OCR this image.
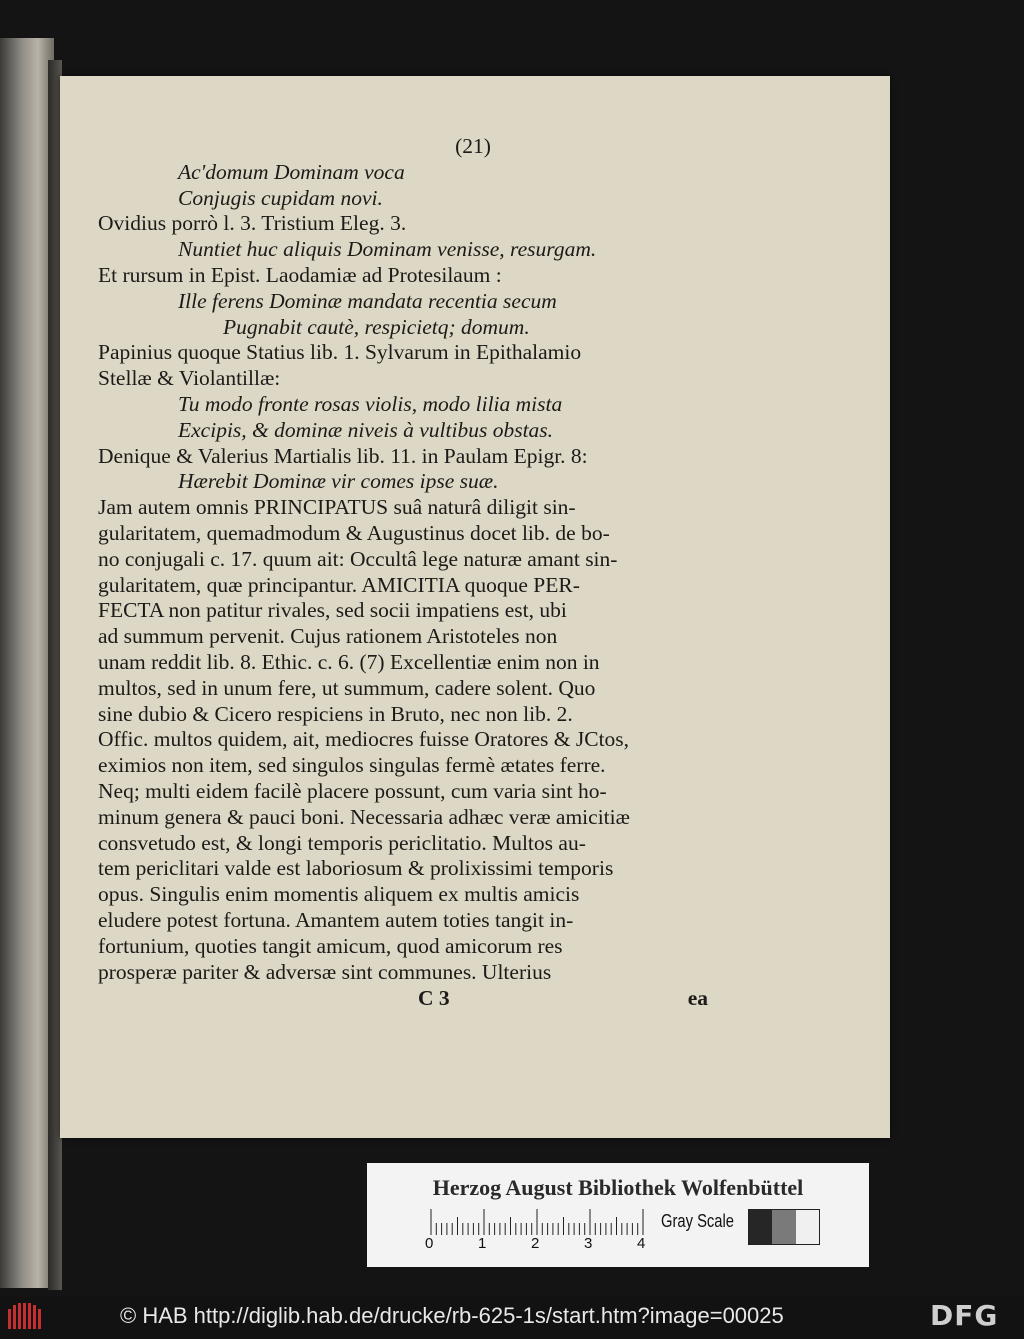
(21)
Ac'domum Dominam voca
Conjugis cupidam novi.
Ovidius porrò l. 3. Tristium Eleg. 3.
Nuntiet huc aliquis Dominam venisse, resurgam.
Et rursum in Epist. Laodamiæ ad Protesilaum :
Ille ferens Dominæ mandata recentia secum
Pugnabit cautè, respicietq; domum.
Papinius quoque Statius lib. 1. Sylvarum in Epithalamio
Stellæ & Violantillæ:
Tu modo fronte rosas violis, modo lilia mista
Excipis, & dominæ niveis à vultibus obstas.
Denique & Valerius Martialis lib. 11. in Paulam Epigr. 8:
Hærebit Dominæ vir comes ipse suæ.
Jam autem omnis PRINCIPATUS suâ naturâ diligit sin-
gularitatem, quemadmodum & Augustinus docet lib. de bo-
no conjugali c. 17. quum ait: Occultâ lege naturæ amant sin-
gularitatem, quæ principantur. AMICITIA quoque PER-
FECTA non patitur rivales, sed socii impatiens est, ubi
ad summum pervenit. Cujus rationem Aristoteles non
unam reddit lib. 8. Ethic. c. 6. (7) Excellentiæ enim non in
multos, sed in unum fere, ut summum, cadere solent. Quo
sine dubio & Cicero respiciens in Bruto, nec non lib. 2.
Offic. multos quidem, ait, mediocres fuisse Oratores & JCtos,
eximios non item, sed singulos singulas fermè ætates ferre.
Neq; multi eidem facilè placere possunt, cum varia sint ho-
minum genera & pauci boni. Necessaria adhæc veræ amicitiæ
consvetudo est, & longi temporis periclitatio. Multos au-
tem periclitari valde est laboriosum & prolixissimi temporis
opus. Singulis enim momentis aliquem ex multis amicis
eludere potest fortuna. Amantem autem toties tangit in-
fortunium, quoties tangit amicum, quod amicorum res
prosperæ pariter & adversæ sint communes. Ulterius
C 3	ea
Herzog August Bibliothek Wolfenbüttel
0	1	2	3	4
Gray Scale
© HAB http://diglib.hab.de/drucke/rb-625-1s/start.htm?image=00025	DFG
